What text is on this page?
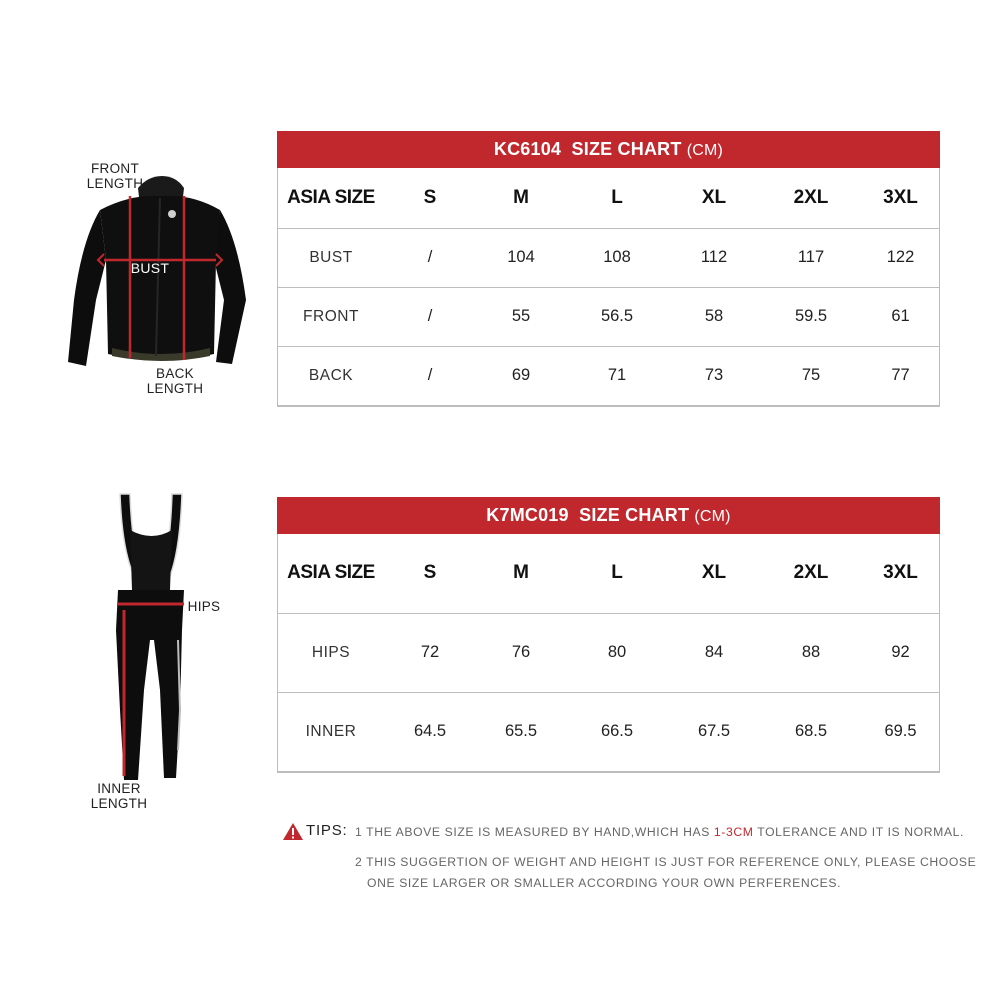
FRONT
LENGTH
BUST
BACK
LENGTH
KC6104 SIZE CHART (CM)
ASIA SIZE	S	M	L	XL	2XL	3XL
BUST	/	104	108	112	117	122
FRONT	/	55	56.5	58	59.5	61
BACK	/	69	71	73	75	77
HIPS
INNER
LENGTH
K7MC019 SIZE CHART (CM)
ASIA SIZE	S	M	L	XL	2XL	3XL
HIPS	72	76	80	84	88	92
INNER	64.5	65.5	66.5	67.5	68.5	69.5
TIPS: 1 THE ABOVE SIZE IS MEASURED BY HAND,WHICH HAS 1-3CM TOLERANCE AND IT IS NORMAL.
2 THIS SUGGERTION OF WEIGHT AND HEIGHT IS JUST FOR REFERENCE ONLY, PLEASE CHOOSE
ONE SIZE LARGER OR SMALLER ACCORDING YOUR OWN PERFERENCES.
